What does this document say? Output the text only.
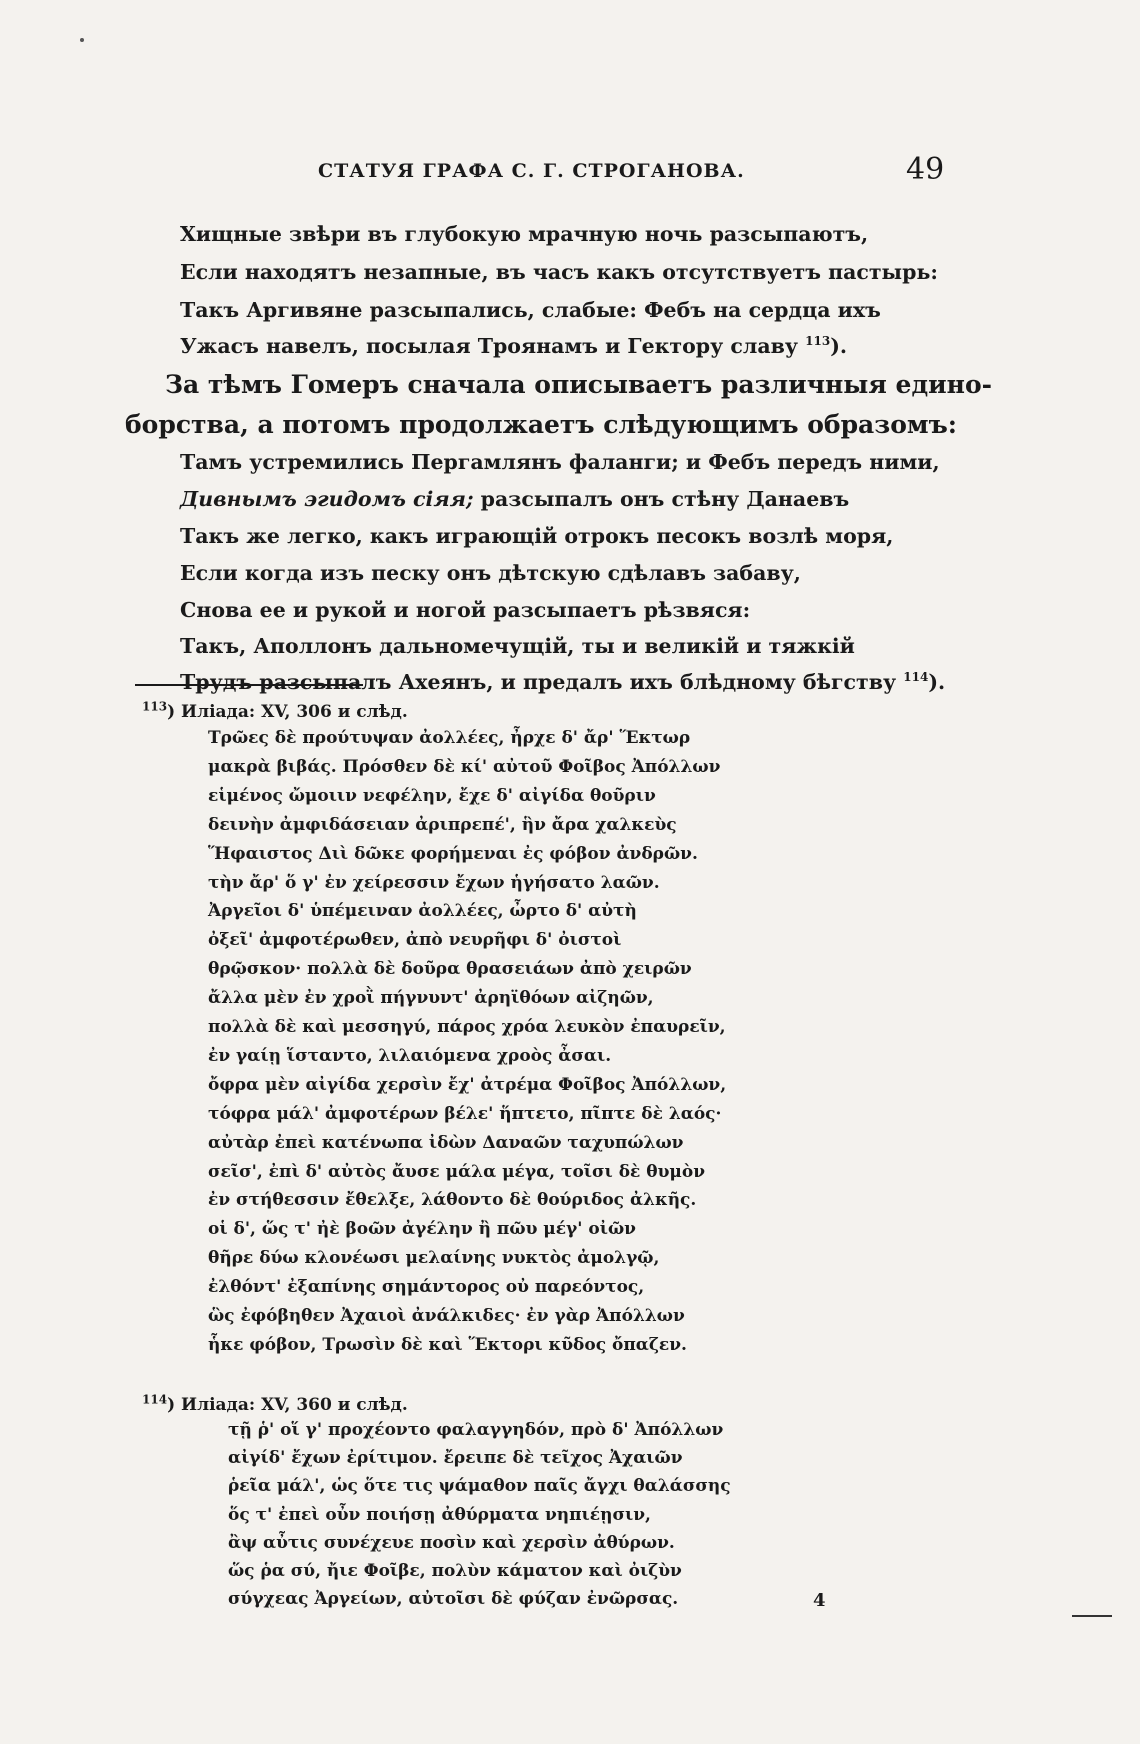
СТАТУЯ ГРАФА С. Г. СТРОГАНОВА.	49
Хищные звѣри въ глубокую мрачную ночь разсыпаютъ,
Если находятъ незапные, въ часъ какъ отсутствуетъ пастырь:
Такъ Аргивяне разсыпались, слабые: Фебъ на сердца ихъ
Ужасъ навелъ, посылая Троянамъ и Гектору славу $^{113}$).
За тѣмъ Гомеръ сначала описываетъ различныя едино-
борства, а потомъ продолжаетъ слѣдующимъ образомъ:
Тамъ устремились Пергамлянъ фаланги; и Фебъ передъ ними,
Дивнымъ эгидомъ сіяя; разсыпалъ онъ стѣну Данаевъ
Такъ же легко, какъ играющій отрокъ песокъ возлѣ моря,
Если когда изъ песку онъ дѣтскую сдѣлавъ забаву,
Снова ее и рукой и ногой разсыпаетъ рѣзвяся:
Такъ, Аполлонъ дальномечущій, ты и великій и тяжкій
Трудъ разсыпалъ Ахеянъ, и предалъ ихъ блѣдному бѣгству $^{114}$).
$^{113}$) Иліада: XV, 306 и слѣд.
Τρῶες δὲ προύτυψαν ἀολλέες, ἦρχε δ' ἄρ' Ἕκτωρ
μακρὰ βιβάς. Πρόσθεν δὲ κί' αὐτοῦ Φοῖβος Ἀπόλλων
εἱμένος ὤμοιιν νεφέλην, ἔχε δ' αἰγίδα θοῦριν
δεινὴν ἀμφιδάσειαν ἀριπρεπέ', ἣν ἄρα χαλκεὺς
Ἥφαιστος Διὶ δῶκε φορήμεναι ἐς φόβον ἀνδρῶν.
τὴν ἄρ' ὅ γ' ἐν χείρεσσιν ἔχων ἡγήσατο λαῶν.
Ἀργεῖοι δ' ὑπέμειναν ἀολλέες, ὦρτο δ' αὐτὴ
ὀξεῖ' ἀμφοτέρωθεν, ἀπὸ νευρῆφι δ' ὀιστοὶ
θρῷσκον· πολλὰ δὲ δοῦρα θρασειάων ἀπὸ χειρῶν
ἄλλα μὲν ἐν χροῒ πήγνυντ' ἀρηϊθόων αἰζηῶν,
πολλὰ δὲ καὶ μεσσηγύ, πάρος χρόα λευκὸν ἐπαυρεῖν,
ἐν γαίῃ ἵσταντο, λιλαιόμενα χροὸς ἆσαι.
ὄφρα μὲν αἰγίδα χερσὶν ἔχ' ἀτρέμα Φοῖβος Ἀπόλλων,
τόφρα μάλ' ἀμφοτέρων βέλε' ἥπτετο, πῖπτε δὲ λαός·
αὐτὰρ ἐπεὶ κατένωπα ἰδὼν Δαναῶν ταχυπώλων
σεῖσ', ἐπὶ δ' αὐτὸς ἄυσε μάλα μέγα, τοῖσι δὲ θυμὸν
ἐν στήθεσσιν ἔθελξε, λάθοντο δὲ θούριδος ἀλκῆς.
οἱ δ', ὥς τ' ἠὲ βοῶν ἀγέλην ἢ πῶυ μέγ' οἰῶν
θῆρε δύω κλονέωσι μελαίνης νυκτὸς ἀμολγῷ,
ἐλθόντ' ἐξαπίνης σημάντορος οὐ παρεόντος,
ὣς ἐφόβηθεν Ἀχαιοὶ ἀνάλκιδες· ἐν γὰρ Ἀπόλλων
ἧκε φόβον, Τρωσὶν δὲ καὶ Ἕκτορι κῦδος ὄπαζεν.
$^{114}$) Иліада: XV, 360 и слѣд.
τῇ ῥ' οἵ γ' προχέοντο φαλαγγηδόν, πρὸ δ' Ἀπόλλων
αἰγίδ' ἔχων ἐρίτιμον. ἔρειπε δὲ τεῖχος Ἀχαιῶν
ῥεῖα μάλ', ὡς ὅτε τις ψάμαθον παῖς ἄγχι θαλάσσης
ὅς τ' ἐπεὶ οὖν ποιήσῃ ἀθύρματα νηπιέῃσιν,
ἂψ αὖτις συνέχευε ποσὶν καὶ χερσὶν ἀθύρων.
ὥς ῥα σύ, ἤιε Φοῖβε, πολὺν κάματον καὶ ὀιζὺν
σύγχεας Ἀργείων, αὐτοῖσι δὲ φύζαν ἐνῶρσας.	4
